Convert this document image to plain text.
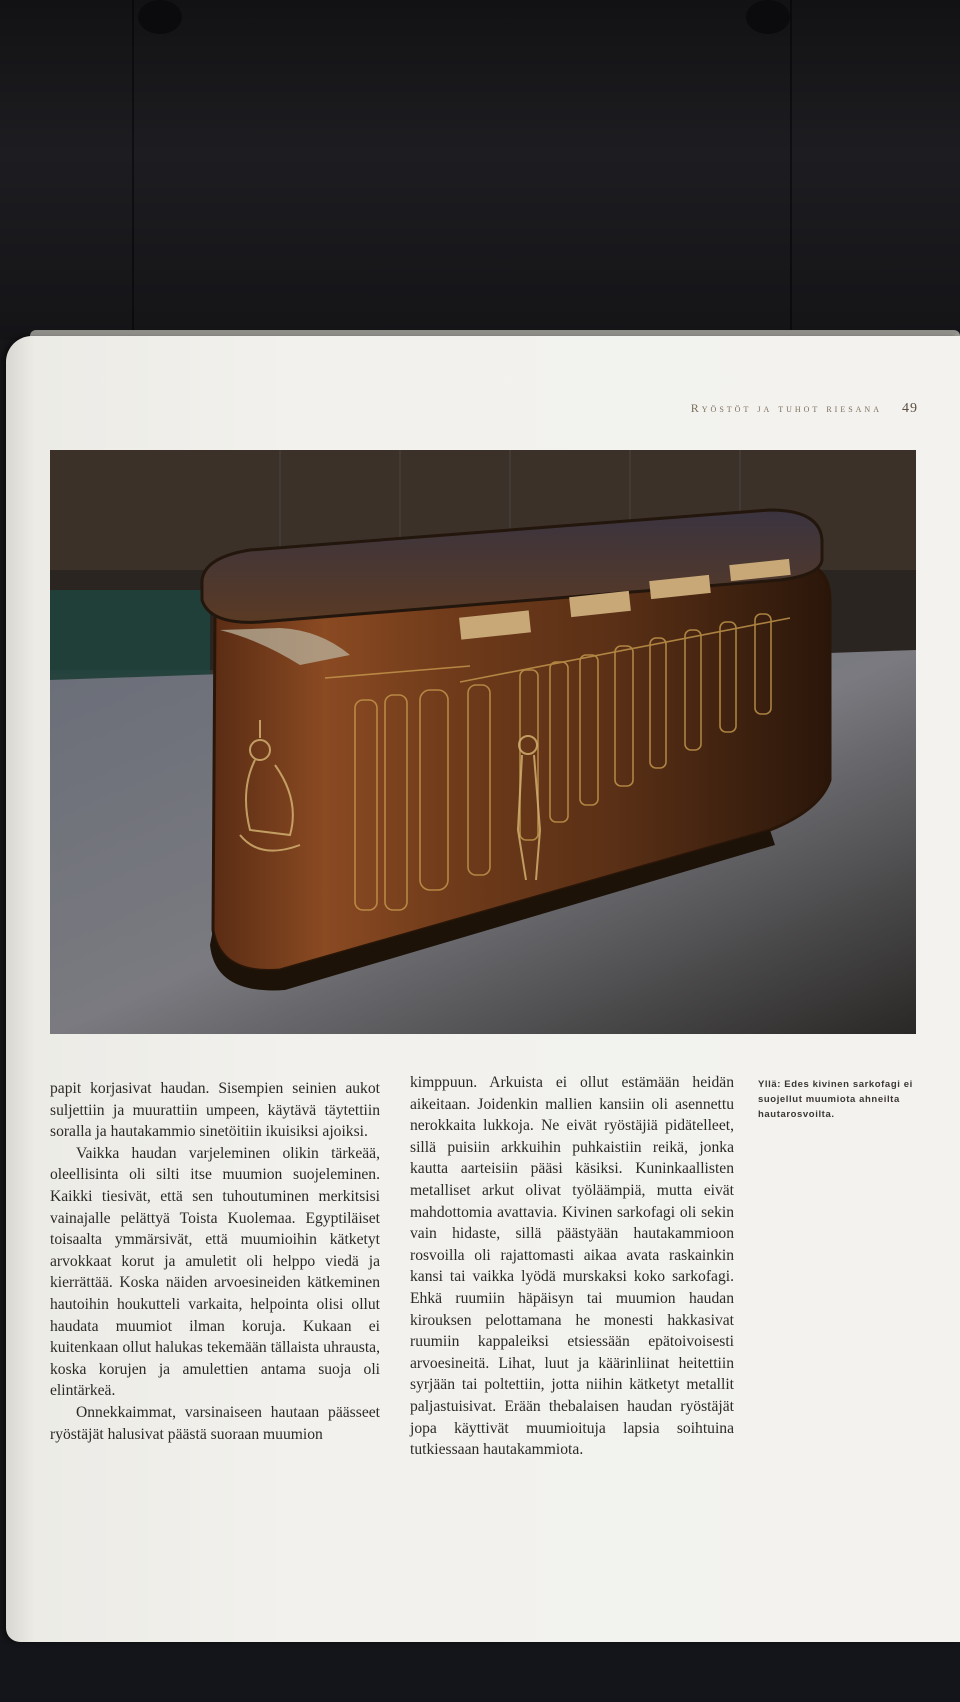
Ryöstöt ja tuhot riesana 49

papit korjasivat haudan. Sisempien seinien aukot suljettiin ja muurattiin umpeen, käytävä täytettiin soralla ja hautakammio sinetöitiin ikuisiksi ajoiksi.

Vaikka haudan varjeleminen olikin tärkeää, oleellisinta oli silti itse muumion suojeleminen. Kaikki tiesivät, että sen tuhoutuminen merkitsisi vainajalle pelättyä Toista Kuolemaa. Egyptiläiset toisaalta ymmärsivät, että muumioihin kätketyt arvokkaat korut ja amuletit oli helppo viedä ja kierrättää. Koska näiden arvoesineiden kätkeminen hautoihin houkutteli varkaita, helpointa olisi ollut haudata muumiot ilman koruja. Kukaan ei kuitenkaan ollut halukas tekemään tällaista uhrausta, koska korujen ja amulettien antama suoja oli elintärkeä.

Onnekkaimmat, varsinaiseen hautaan päässeet ryöstäjät halusivat päästä suoraan muumion

kimppuun. Arkuista ei ollut estämään heidän aikeitaan. Joidenkin mallien kansiin oli asennettu nerokkaita lukkoja. Ne eivät ryöstäjiä pidätelleet, sillä puisiin arkkuihin puhkaistiin reikä, jonka kautta aarteisiin pääsi käsiksi. Kuninkaallisten metalliset arkut olivat työläämpiä, mutta eivät mahdottomia avattavia. Kivinen sarkofagi oli sekin vain hidaste, sillä päästyään hautakammioon rosvoilla oli rajattomasti aikaa avata raskainkin kansi tai vaikka lyödä murskaksi koko sarkofagi. Ehkä ruumiin häpäisyn tai muumion haudan kirouksen pelottamana he monesti hakkasivat ruumiin kappaleiksi etsiessään epätoivoisesti arvoesineitä. Lihat, luut ja käärinliinat heitettiin syrjään tai poltettiin, jotta niihin kätketyt metallit paljastuisivat. Erään thebalaisen haudan ryöstäjät jopa käyttivät muumioituja lapsia soihtuina tutkiessaan hautakammiota.

Yllä: Edes kivinen sarkofagi ei suojellut muumiota ahneilta hautarosvoilta.
